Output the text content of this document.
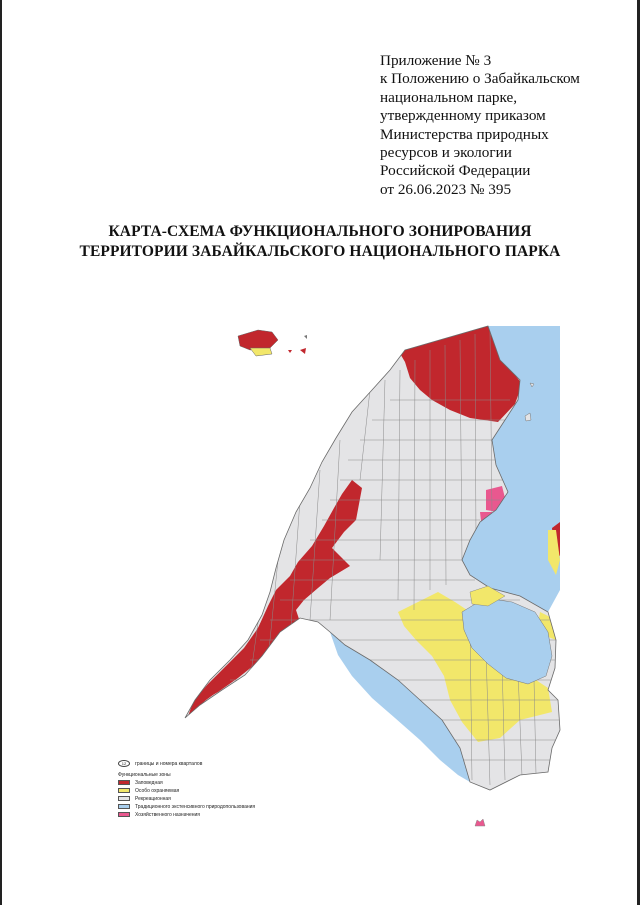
Приложение № 3
к Положению о Забайкальском
национальном парке,
утвержденному приказом
Министерства природных
ресурсов и экологии
Российской Федерации
от 26.06.2023 № 395
КАРТА-СХЕМА ФУНКЦИОНАЛЬНОГО ЗОНИРОВАНИЯ
ТЕРРИТОРИИ ЗАБАЙКАЛЬСКОГО НАЦИОНАЛЬНОГО ПАРКА
12	границы и номера кварталов
Функциональные зоны
Заповедная
Особо охраняемая
Рекреационная
Традиционного экстенсивного природопользования
Хозяйственного назначения
